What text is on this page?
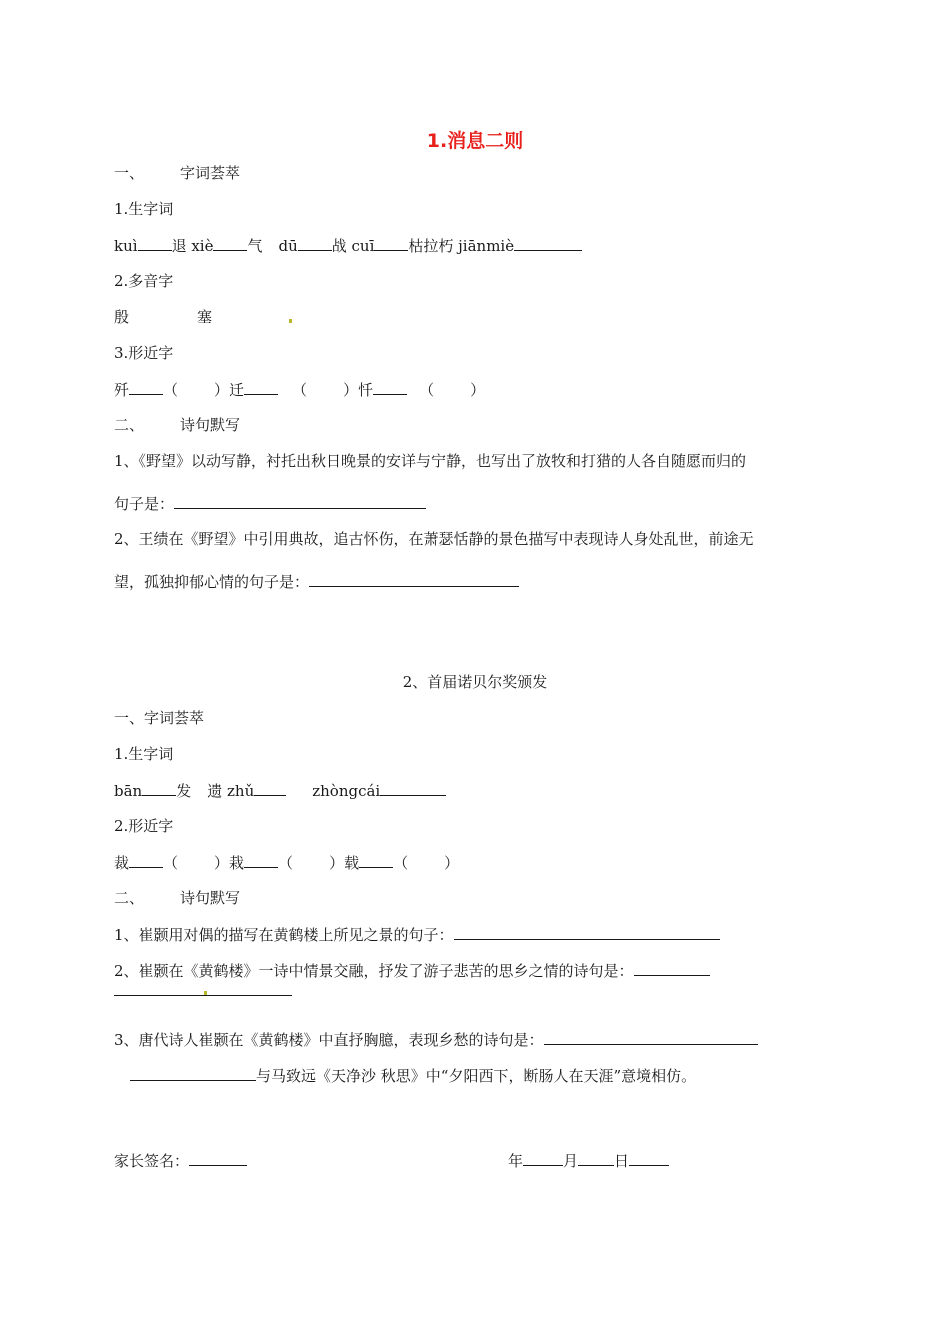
1.消息二则
一、 字词荟萃
1.生字词
kuì 退 xiè 气 dū 战 cuī 枯拉朽 jiānmiè
2.多音字
殷	塞
3.形近字
歼 （ ）迁	（ ）忏	（ ）
二、 诗句默写
1、《野望》以动写静，衬托出秋日晚景的安详与宁静，也写出了放牧和打猎的人各自随愿而归的
句子是：
2、王绩在《野望》中引用典故，追古怀伤，在萧瑟恬静的景色描写中表现诗人身处乱世，前途无
望，孤独抑郁心情的句子是：
2、首届诺贝尔奖颁发
一、字词荟萃
1.生字词
bān 发 遗 zhǔ	zhòngcái
2.形近字
裁 （ ）栽 （ ）载 （ ）
二、 诗句默写
1、崔颢用对偶的描写在黄鹤楼上所见之景的句子：
2、崔颢在《黄鹤楼》一诗中情景交融，抒发了游子悲苦的思乡之情的诗句是：
3、唐代诗人崔颢在《黄鹤楼》中直抒胸臆，表现乡愁的诗句是：
与马致远《天净沙 秋思》中“夕阳西下，断肠人在天涯”意境相仿。
家长签名：	年	月 日
